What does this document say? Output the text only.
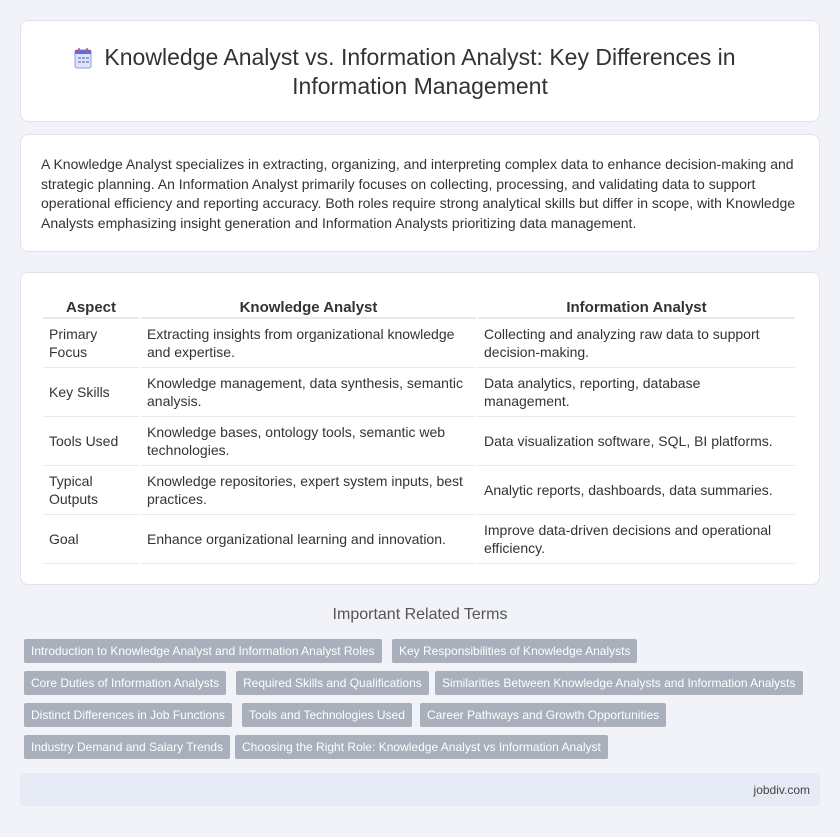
Knowledge Analyst vs. Information Analyst: Key Differences in Information Management

A Knowledge Analyst specializes in extracting, organizing, and interpreting complex data to enhance decision-making and strategic planning. An Information Analyst primarily focuses on collecting, processing, and validating data to support operational efficiency and reporting accuracy. Both roles require strong analytical skills but differ in scope, with Knowledge Analysts emphasizing insight generation and Information Analysts prioritizing data management.

Aspect	Knowledge Analyst	Information Analyst
Primary Focus	Extracting insights from organizational knowledge and expertise.	Collecting and analyzing raw data to support decision-making.
Key Skills	Knowledge management, data synthesis, semantic analysis.	Data analytics, reporting, database management.
Tools Used	Knowledge bases, ontology tools, semantic web technologies.	Data visualization software, SQL, BI platforms.
Typical Outputs	Knowledge repositories, expert system inputs, best practices.	Analytic reports, dashboards, data summaries.
Goal	Enhance organizational learning and innovation.	Improve data-driven decisions and operational efficiency.
Important Related Terms
Introduction to Knowledge Analyst and Information Analyst Roles	Key Responsibilities of Knowledge Analysts
Core Duties of Information Analysts	Required Skills and Qualifications	Similarities Between Knowledge Analysts and Information Analysts
Distinct Differences in Job Functions	Tools and Technologies Used	Career Pathways and Growth Opportunities
Industry Demand and Salary Trends	Choosing the Right Role: Knowledge Analyst vs Information Analyst
jobdiv.com
